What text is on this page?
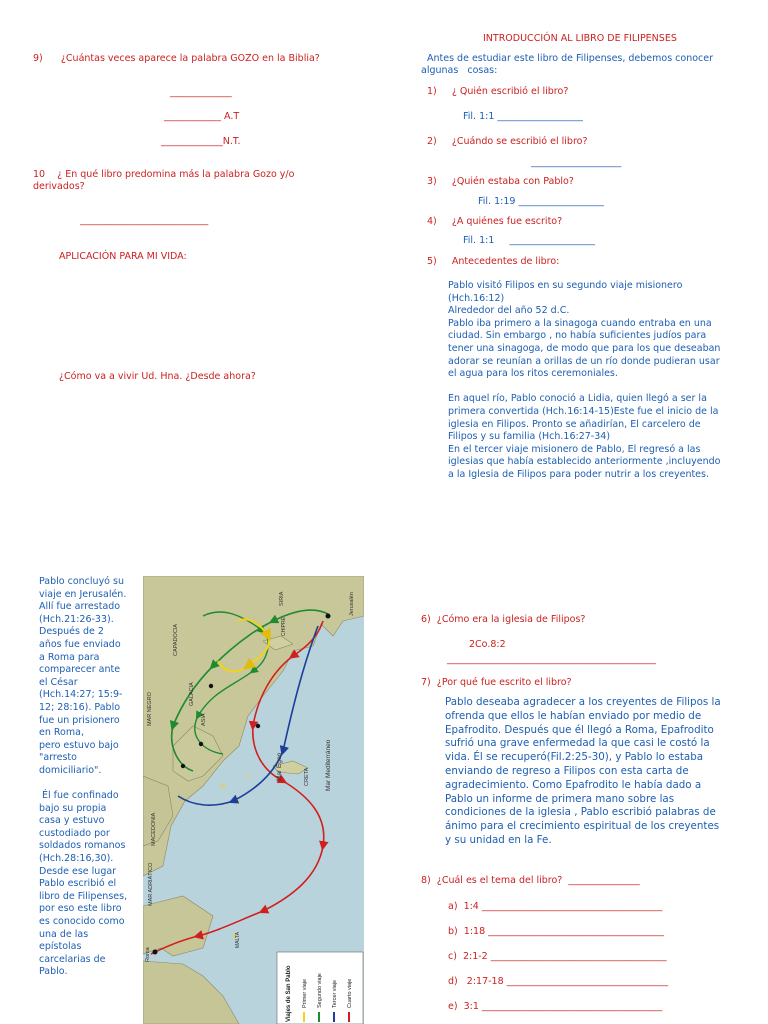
9)      ¿Cuántas veces aparece la palabra GOZO en la Biblia?
_____________
____________ A.T
_____________N.T.
10    ¿ En qué libro predomina más la palabra Gozo y/o
derivados?
___________________________
APLICACIÓN PARA MI VIDA:
¿Cómo va a vivir Ud. Hna. ¿Desde ahora?
INTRODUCCIÓN AL LIBRO DE FILIPENSES
Antes de estudiar este libro de Filipenses, debemos conocer
algunas   cosas:
1)     ¿ Quién escribió el libro?
Fil. 1:1 __________________
2)     ¿Cuándo se escribió el libro?
___________________
3)     ¿Quién estaba con Pablo?
Fil. 1:19 __________________
4)     ¿A quiénes fue escrito?
Fil. 1:1     __________________
5)     Antecedentes de libro:
Pablo visitó Filipos en su segundo viaje misionero
(Hch.16:12)
Alrededor del año 52 d.C.
Pablo iba primero a la sinagoga cuando entraba en una
ciudad. Sin embargo , no había suficientes judíos para
tener una sinagoga, de modo que para los que deseaban
adorar se reunían a orillas de un río donde pudieran usar
el agua para los ritos ceremoniales.
En aquel río, Pablo conoció a Lidia, quien llegó a ser la
primera convertida (Hch.16:14-15)Este fue el inicio de la
iglesia en Filipos. Pronto se añadirían, El carcelero de
Filipos y su familia (Hch.16:27-34)
En el tercer viaje misionero de Pablo, El regresó a las
iglesias que había establecido anteriormente ,incluyendo
a la Iglesia de Filipos para poder nutrir a los creyentes.
Pablo concluyó su
viaje en Jerusalén.
Allí fue arrestado
(Hch.21:26-33).
Después de 2
años fue enviado
a Roma para
comparecer ante
el César
(Hch.14:27; 15:9-
12; 28:16). Pablo
fue un prisionero
en Roma,
pero estuvo bajo
"arresto
domiciliario".
Él fue confinado
bajo su propia
casa y estuvo
custodiado por
soldados romanos
(Hch.28:16,30).
Desde ese lugar
Pablo escribió el
libro de Filipenses,
por eso este libro
es conocido como
una de las
epístolas
carcelarias de
Pablo.
Mar Egeo	Mar Mediterráneo
MAR ADRIÁTICO
MAR NEGRO
MACEDONIA
CAPADOCIA
GALACIA
ASIA
CRETA
SIRIA	Jerusalén
Roma
MALTA
CHIPRE
Viajes de San Pablo Primer viaje Segundo viaje Tercer viaje Cuarto viaje
6)  ¿Cómo era la iglesia de Filipos?
2Co.8:2
____________________________________________
7)  ¿Por qué fue escrito el libro?
Pablo deseaba agradecer a los creyentes de Filipos la
ofrenda que ellos le habían enviado por medio de
Epafrodito. Después que él llegó a Roma, Epafrodito
sufrió una grave enfermedad la que casi le costó la
vida. Él se recuperó(Fil.2:25-30), y Pablo lo estaba
enviando de regreso a Filipos con esta carta de
agradecimiento. Como Epafrodito le había dado a
Pablo un informe de primera mano sobre las
condiciones de la iglesia , Pablo escribió palabras de
ánimo para el crecimiento espiritual de los creyentes
y su unidad en la Fe.
8)  ¿Cuál es el tema del libro?  _______________
a)  1:4 ______________________________________
b)  1:18 _____________________________________
c)  2:1-2 _____________________________________
d)   2:17-18 __________________________________
e)  3:1 ______________________________________
